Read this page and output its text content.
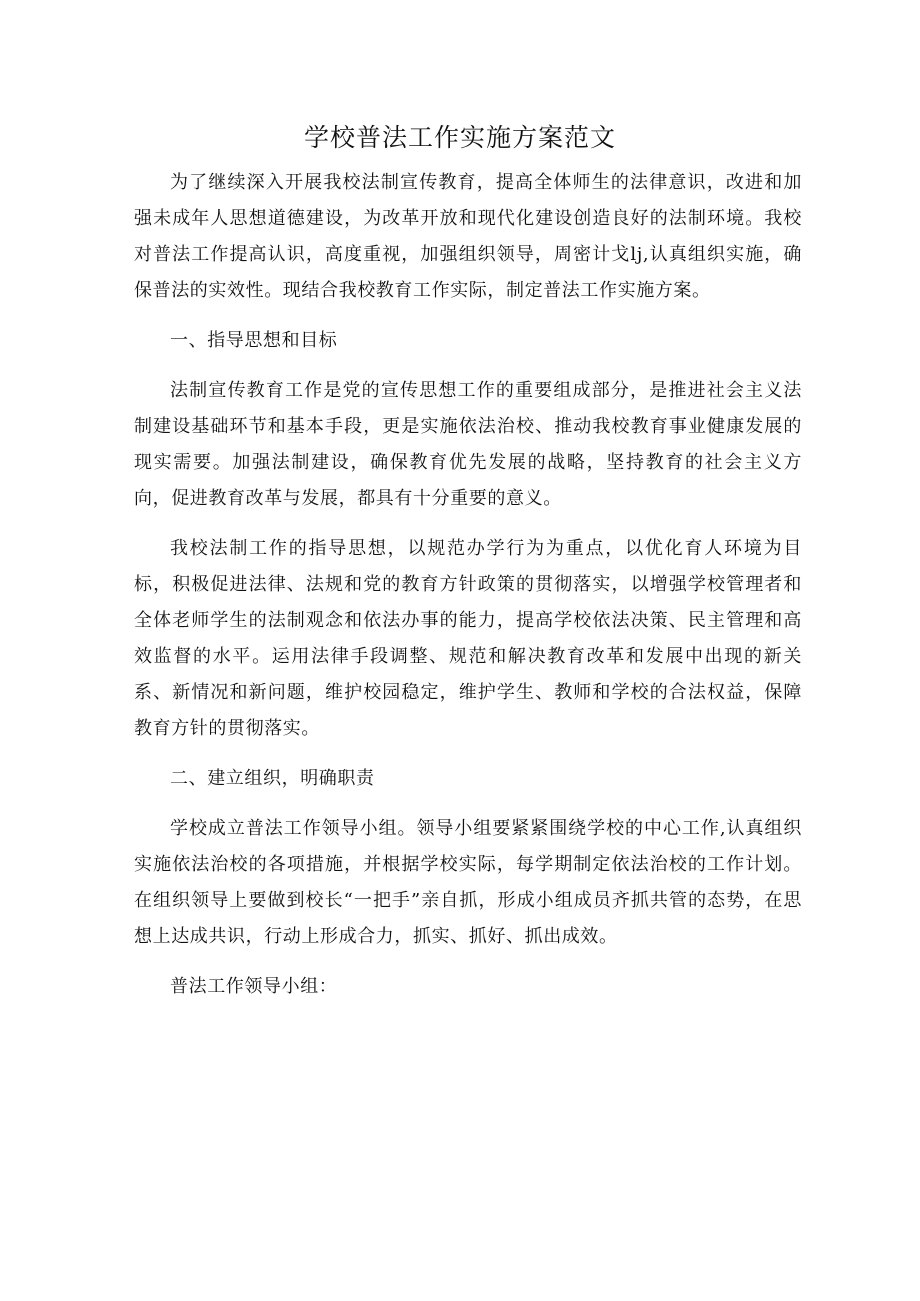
学校普法工作实施方案范文

为了继续深入开展我校法制宣传教育，提高全体师生的法律意识，改进和加强未成年人思想道德建设，为改革开放和现代化建设创造良好的法制环境。我校对普法工作提高认识，高度重视，加强组织领导，周密计戈lj,认真组织实施，确保普法的实效性。现结合我校教育工作实际，制定普法工作实施方案。

一、指导思想和目标

法制宣传教育工作是党的宣传思想工作的重要组成部分，是推进社会主义法制建设基础环节和基本手段，更是实施依法治校、推动我校教育事业健康发展的现实需要。加强法制建设，确保教育优先发展的战略，坚持教育的社会主义方向，促进教育改革与发展，都具有十分重要的意义。

我校法制工作的指导思想，以规范办学行为为重点，以优化育人环境为目标，积极促进法律、法规和党的教育方针政策的贯彻落实，以增强学校管理者和全体老师学生的法制观念和依法办事的能力，提高学校依法决策、民主管理和高效监督的水平。运用法律手段调整、规范和解决教育改革和发展中出现的新关系、新情况和新问题，维护校园稳定，维护学生、教师和学校的合法权益，保障教育方针的贯彻落实。

二、建立组织，明确职责

学校成立普法工作领导小组。领导小组要紧紧围绕学校的中心工作,认真组织实施依法治校的各项措施，并根据学校实际，每学期制定依法治校的工作计划。在组织领导上要做到校长“一把手”亲自抓，形成小组成员齐抓共管的态势，在思想上达成共识，行动上形成合力，抓实、抓好、抓出成效。

普法工作领导小组：
